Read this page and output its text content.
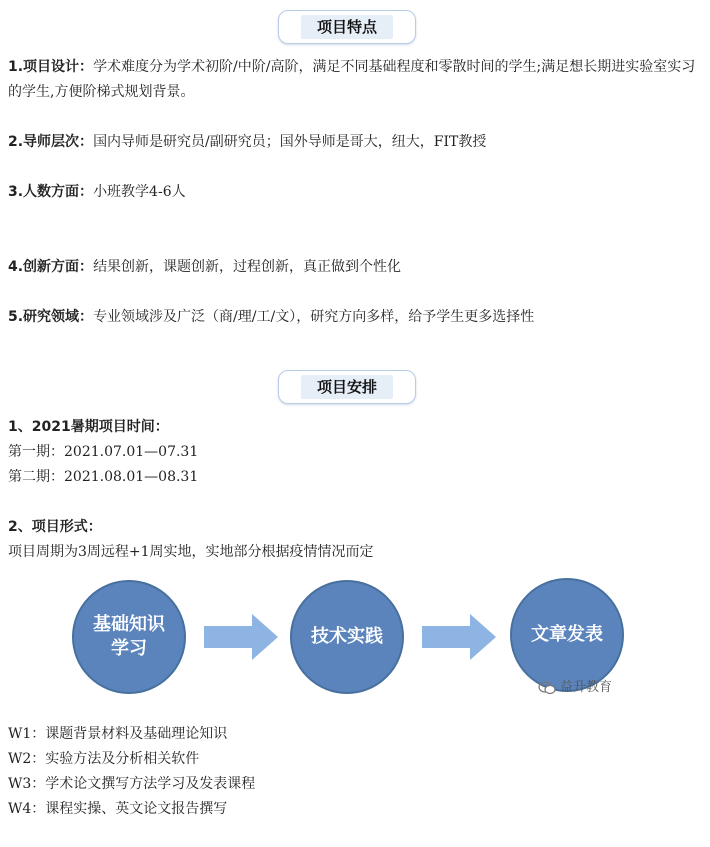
项目特点
1.项目设计：学术难度分为学术初阶/中阶/高阶，满足不同基础程度和零散时间的学生;满足想长期进实验室实习的学生,方便阶梯式规划背景。
2.导师层次：国内导师是研究员/副研究员；国外导师是哥大，纽大，FIT教授
3.人数方面：小班教学4-6人
4.创新方面：结果创新，课题创新，过程创新，真正做到个性化
5.研究领域：专业领域涉及广泛（商/理/工/文），研究方向多样，给予学生更多选择性
项目安排
1、2021暑期项目时间：
第一期：2021.07.01—07.31
第二期：2021.08.01—08.31
2、项目形式：
项目周期为3周远程+1周实地，实地部分根据疫情情况而定
基础知识学习
技术实践	文章发表
益升教育
W1：课题背景材料及基础理论知识
W2：实验方法及分析相关软件
W3：学术论文撰写方法学习及发表课程
W4：课程实操、英文论文报告撰写
